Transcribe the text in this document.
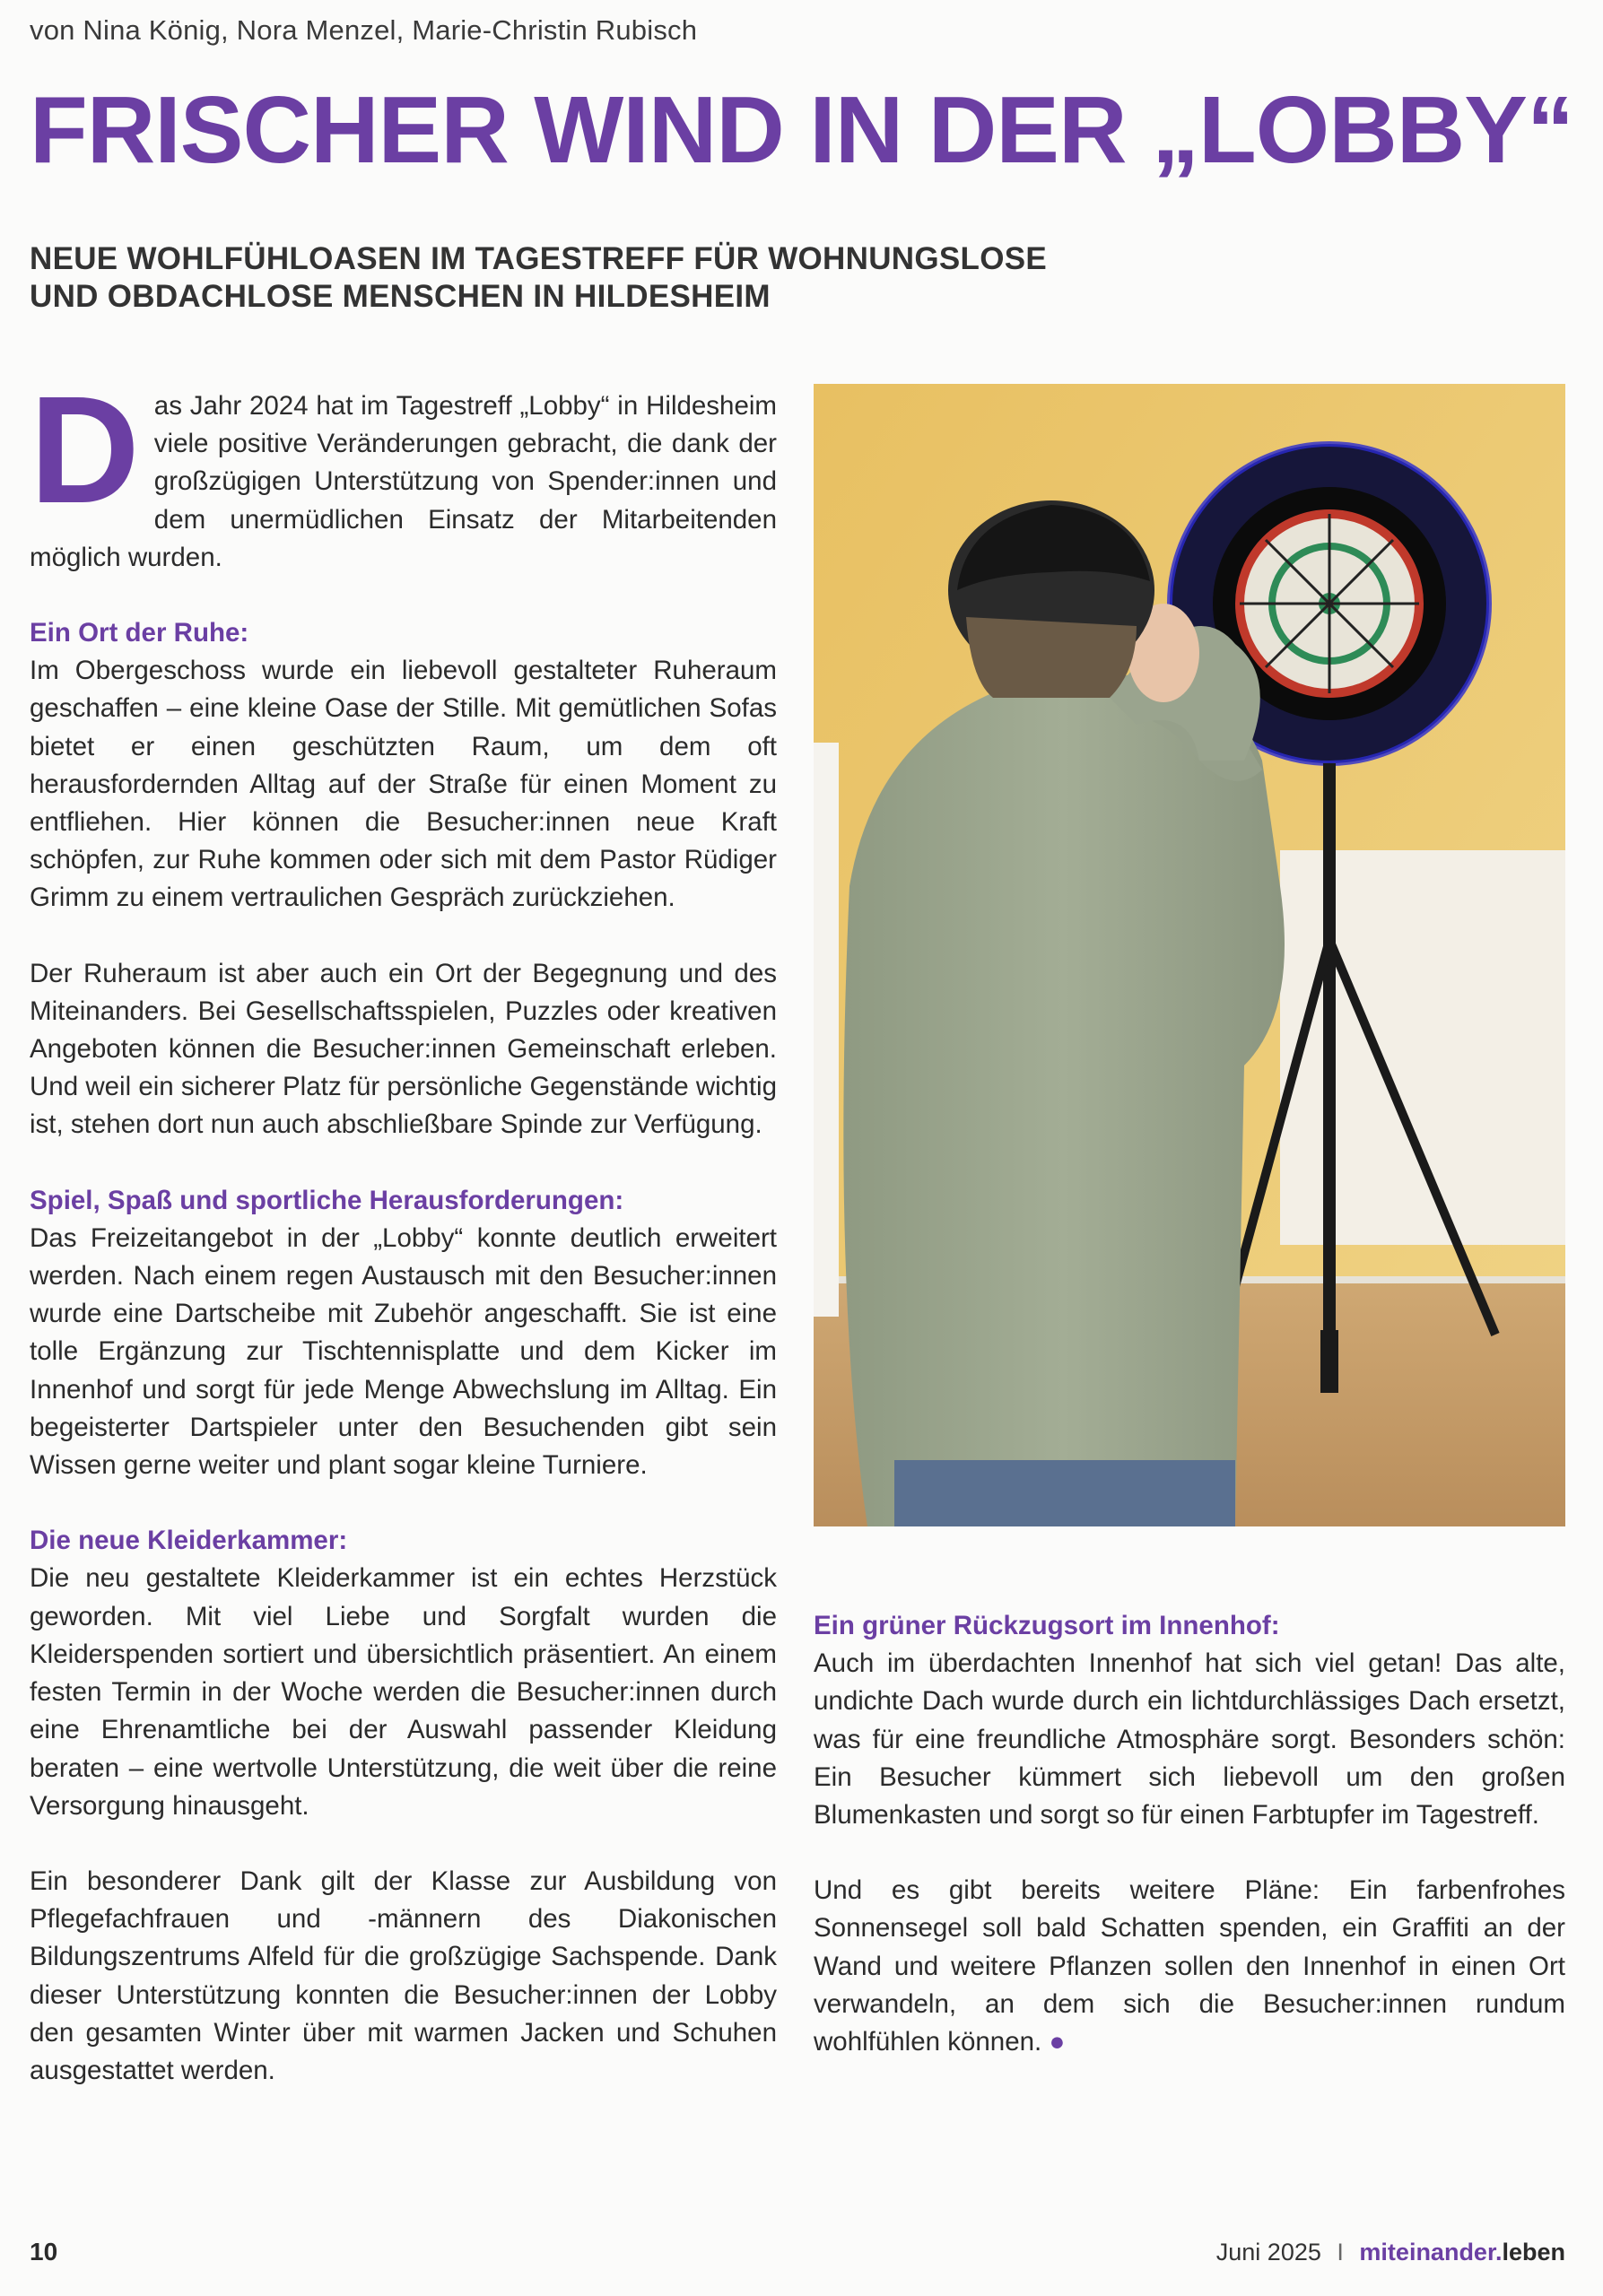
von Nina König, Nora Menzel, Marie-Christin Rubisch
FRISCHER WIND IN DER „LOBBY“
NEUE WOHLFÜHLOASEN IM TAGESTREFF FÜR WOHNUNGSLOSE
UND OBDACHLOSE MENSCHEN IN HILDESHEIM
D as Jahr 2024 hat im Tagestreff „Lobby“ in Hildesheim viele positive Veränderungen gebracht, die dank der großzügigen Unterstützung von Spender:innen und dem unermüdlichen Einsatz der Mitarbeitenden möglich wurden.

Ein Ort der Ruhe:

Im Obergeschoss wurde ein liebevoll gestalteter Ruheraum geschaffen – eine kleine Oase der Stille. Mit gemütlichen Sofas bietet er einen geschützten Raum, um dem oft herausfordernden Alltag auf der Straße für einen Moment zu entfliehen. Hier können die Besucher:innen neue Kraft schöpfen, zur Ruhe kommen oder sich mit dem Pastor Rüdiger Grimm zu einem vertraulichen Gespräch zurückziehen.

Der Ruheraum ist aber auch ein Ort der Begegnung und des Miteinanders. Bei Gesellschaftsspielen, Puzzles oder kreativen Angeboten können die Besucher:innen Gemeinschaft erleben. Und weil ein sicherer Platz für persönliche Gegenstände wichtig ist, stehen dort nun auch abschließbare Spinde zur Verfügung.

Spiel, Spaß und sportliche Herausforderungen:

Das Freizeitangebot in der „Lobby“ konnte deutlich erweitert werden. Nach einem regen Austausch mit den Besucher:innen wurde eine Dartscheibe mit Zubehör angeschafft. Sie ist eine tolle Ergänzung zur Tischtennisplatte und dem Kicker im Innenhof und sorgt für jede Menge Abwechslung im Alltag. Ein begeisterter Dartspieler unter den Besuchenden gibt sein Wissen gerne weiter und plant sogar kleine Turniere.

Die neue Kleiderkammer:

Die neu gestaltete Kleiderkammer ist ein echtes Herzstück geworden. Mit viel Liebe und Sorgfalt wurden die Kleiderspenden sortiert und übersichtlich präsentiert. An einem festen Termin in der Woche werden die Besucher:innen durch eine Ehrenamtliche bei der Auswahl passender Kleidung beraten – eine wertvolle Unterstützung, die weit über die reine Versorgung hinausgeht.

Ein besonderer Dank gilt der Klasse zur Ausbildung von Pflegefachfrauen und -männern des Diakonischen Bildungszentrums Alfeld für die großzügige Sachspende. Dank dieser Unterstützung konnten die Besucher:innen der Lobby den gesamten Winter über mit warmen Jacken und Schuhen ausgestattet werden.

Ein grüner Rückzugsort im Innenhof:

Auch im überdachten Innenhof hat sich viel getan! Das alte, undichte Dach wurde durch ein lichtdurchlässiges Dach ersetzt, was für eine freundliche Atmosphäre sorgt. Besonders schön: Ein Besucher kümmert sich liebevoll um den großen Blumenkasten und sorgt so für einen Farbtupfer im Tagestreff.

Und es gibt bereits weitere Pläne: Ein farbenfrohes Sonnensegel soll bald Schatten spenden, ein Graffiti an der Wand und weitere Pflanzen sollen den Innenhof in einen Ort verwandeln, an dem sich die Besucher:innen rundum wohlfühlen können. ●

10	Juni 2025 I miteinander.leben
